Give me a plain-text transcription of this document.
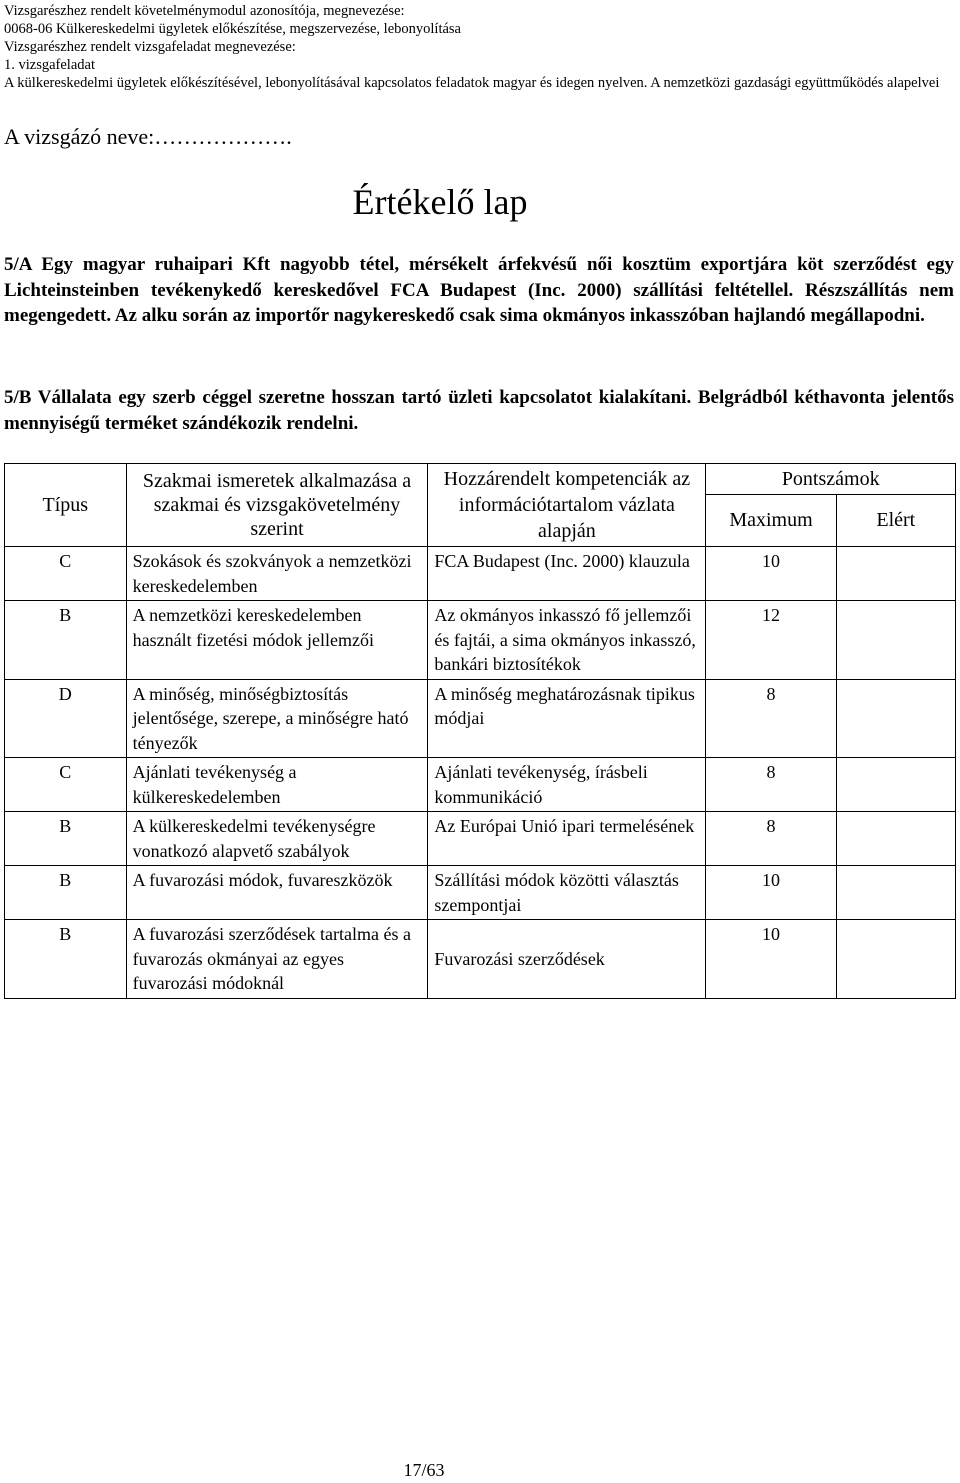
Vizsgarészhez rendelt követelménymodul azonosítója, megnevezése:
0068-06 Külkereskedelmi ügyletek előkészítése, megszervezése, lebonyolítása
Vizsgarészhez rendelt vizsgafeladat megnevezése:
1. vizsgafeladat
A külkereskedelmi ügyletek előkészítésével, lebonyolításával kapcsolatos feladatok magyar és idegen nyelven. A nemzetközi gazdasági együttműködés alapelvei
A vizsgázó neve:……………….
Értékelő lap
5/A Egy magyar ruhaipari Kft nagyobb tétel, mérsékelt árfekvésű női kosztüm exportjára köt szerződést egy Lichteinsteinben tevékenykedő kereskedővel FCA Budapest (Inc. 2000) szállítási feltétellel. Részszállítás nem megengedett. Az alku során az importőr nagykereskedő csak sima okmányos inkasszóban hajlandó megállapodni.
5/B Vállalata egy szerb céggel szeretne hosszan tartó üzleti kapcsolatot kialakítani. Belgrádból kéthavonta jelentős mennyiségű terméket szándékozik rendelni.
Típus	Szakmai ismeretek alkalmazása a szakmai és vizsgakövetelmény szerint	Hozzárendelt kompetenciák az információtartalom vázlata alapján	Pontszámok	
			Maximum	Elért
C	Szokások és szokványok a nemzetközi kereskedelemben	FCA Budapest (Inc. 2000) klauzula	10	
B	A nemzetközi kereskedelemben használt fizetési módok jellemzői	Az okmányos inkasszó fő jellemzői és fajtái, a sima okmányos inkasszó, bankári biztosítékok	12	
D	A minőség, minőségbiztosítás jelentősége, szerepe, a minőségre ható tényezők	A minőség meghatározásnak tipikus módjai	8	
C	Ajánlati tevékenység a külkereskedelemben	Ajánlati tevékenység, írásbeli kommunikáció	8	
B	A külkereskedelmi tevékenységre vonatkozó alapvető szabályok	Az Európai Unió ipari termelésének	8	
B	A fuvarozási módok, fuvareszközök	Szállítási módok közötti választás szempontjai	10	
B	A fuvarozási szerződések tartalma és a fuvarozás okmányai az egyes fuvarozási módoknál	Fuvarozási szerződések	10	
17/63
